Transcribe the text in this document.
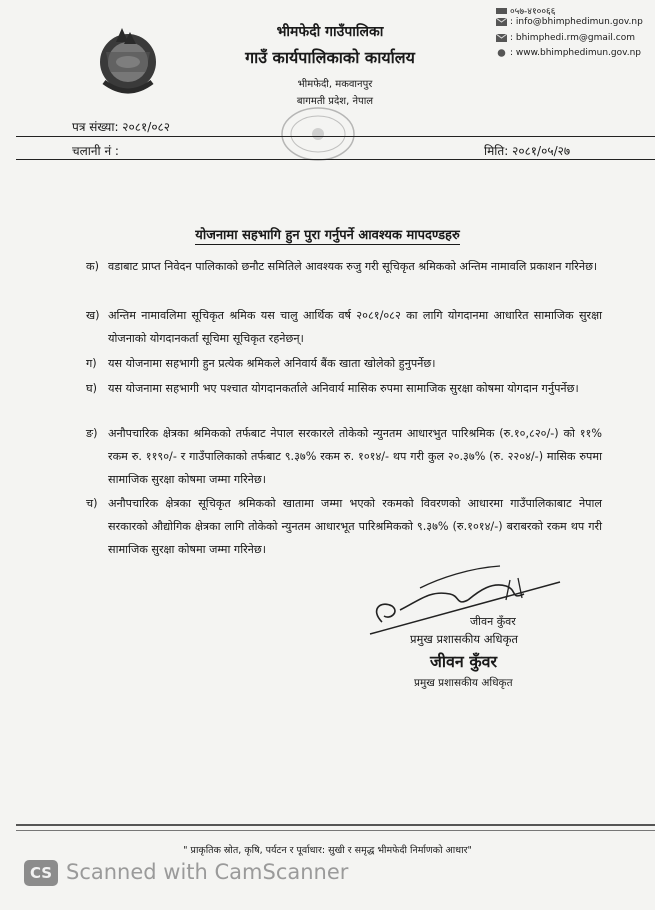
भीमफेदी गाउँपालिका
गाउँ कार्यपालिकाको कार्यालय
भीमफेदी, मकवानपुर
बागमती प्रदेश, नेपाल
०५७-४१००६६
: info@bhimphedimun.gov.np
: bhimphedi.rm@gmail.com
: www.bhimphedimun.gov.np
पत्र संख्या: २०८१/०८२
चलानी नं :	मिति: २०८१/०५/२७
योजनामा सहभागि हुन पुरा गर्नुपर्ने आवश्यक मापदण्डहरु
क) वडाबाट प्राप्त निवेदन पालिकाको छनौट समितिले आवश्यक रुजु गरी सूचिकृत श्रमिकको अन्तिम नामावलि प्रकाशन गरिनेछ।
ख) अन्तिम नामावलिमा सूचिकृत श्रमिक यस चालु आर्थिक वर्ष २०८१/०८२ का लागि योगदानमा आधारित सामाजिक सुरक्षा योजनाको योगदानकर्ता सूचिमा सूचिकृत रहनेछन्।
ग)	यस योजनामा सहभागी हुन प्रत्येक श्रमिकले अनिवार्य बैंक खाता खोलेको हुनुपर्नेछ।
घ) यस योजनामा सहभागी भए पश्चात योगदानकर्ताले अनिवार्य मासिक रुपमा सामाजिक सुरक्षा कोषमा योगदान गर्नुपर्नेछ।
ङ) अनौपचारिक क्षेत्रका श्रमिकको तर्फबाट नेपाल सरकारले तोकेको न्युनतम आधारभुत पारिश्रमिक (रु.१०,८२०/-) को ११% रकम रु. ११९०/- र गाउँपालिकाको तर्फबाट ९.३७% रकम रु. १०१४/- थप गरी कुल २०.३७% (रु. २२०४/-) मासिक रुपमा सामाजिक सुरक्षा कोषमा जम्मा गरिनेछ।
च) अनौपचारिक क्षेत्रका सूचिकृत श्रमिकको खातामा जम्मा भएको रकमको विवरणको आधारमा गाउँपालिकाबाट नेपाल सरकारको औद्योगिक क्षेत्रका लागि तोकेको न्युनतम आधारभूत पारिश्रमिकको ९.३७% (रु.१०१४/-) बराबरको रकम थप गरी सामाजिक सुरक्षा कोषमा जम्मा गरिनेछ।
जीवन कुँवर
प्रमुख प्रशासकीय अधिकृत
जीवन कुँवर
प्रमुख प्रशासकीय अधिकृत
" प्राकृतिक स्रोत, कृषि, पर्यटन र पूर्वाधार: सुखी र समृद्ध भीमफेदी निर्माणको आधार"
CS Scanned with CamScanner
